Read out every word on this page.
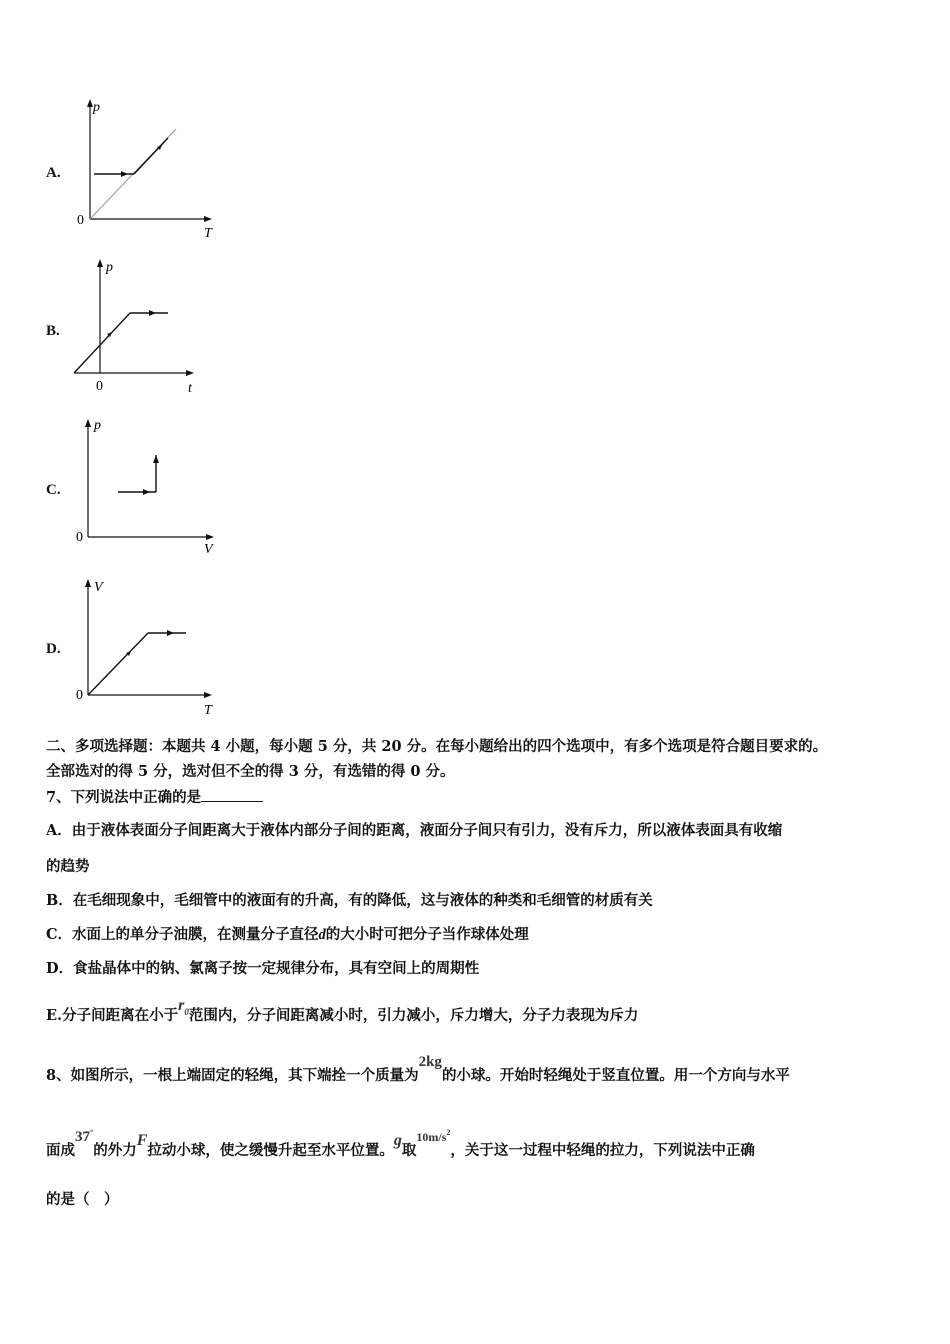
A.
p
0
T
B.
p
0	t
C.
p
0
V
D.
V
0
T
二、多项选择题：本题共 4 小题，每小题 5 分，共 20 分。在每小题给出的四个选项中，有多个选项是符合题目要求的。
全部选对的得 5 分，选对但不全的得 3 分，有选错的得 0 分。
7、下列说法中正确的是
A．由于液体表面分子间距离大于液体内部分子间的距离，液面分子间只有引力，没有斥力，所以液体表面具有收缩
的趋势
B．在毛细现象中，毛细管中的液面有的升高，有的降低，这与液体的种类和毛细管的材质有关
C．水面上的单分子油膜，在测量分子直径d的大小时可把分子当作球体处理
D．食盐晶体中的钠、氯离子按一定规律分布，具有空间上的周期性
E.分子间距离在小于$r_0$范围内，分子间距离减小时，引力减小，斥力增大，分子力表现为斥力
8、如图所示，一根上端固定的轻绳，其下端拴一个质量为2kg的小球。开始时轻绳处于竖直位置。用一个方向与水平
面成37°的外力F拉动小球，使之缓慢升起至水平位置。g取$^{10m/s^2}$，关于这一过程中轻绳的拉力，下列说法中正确
的是（　）
